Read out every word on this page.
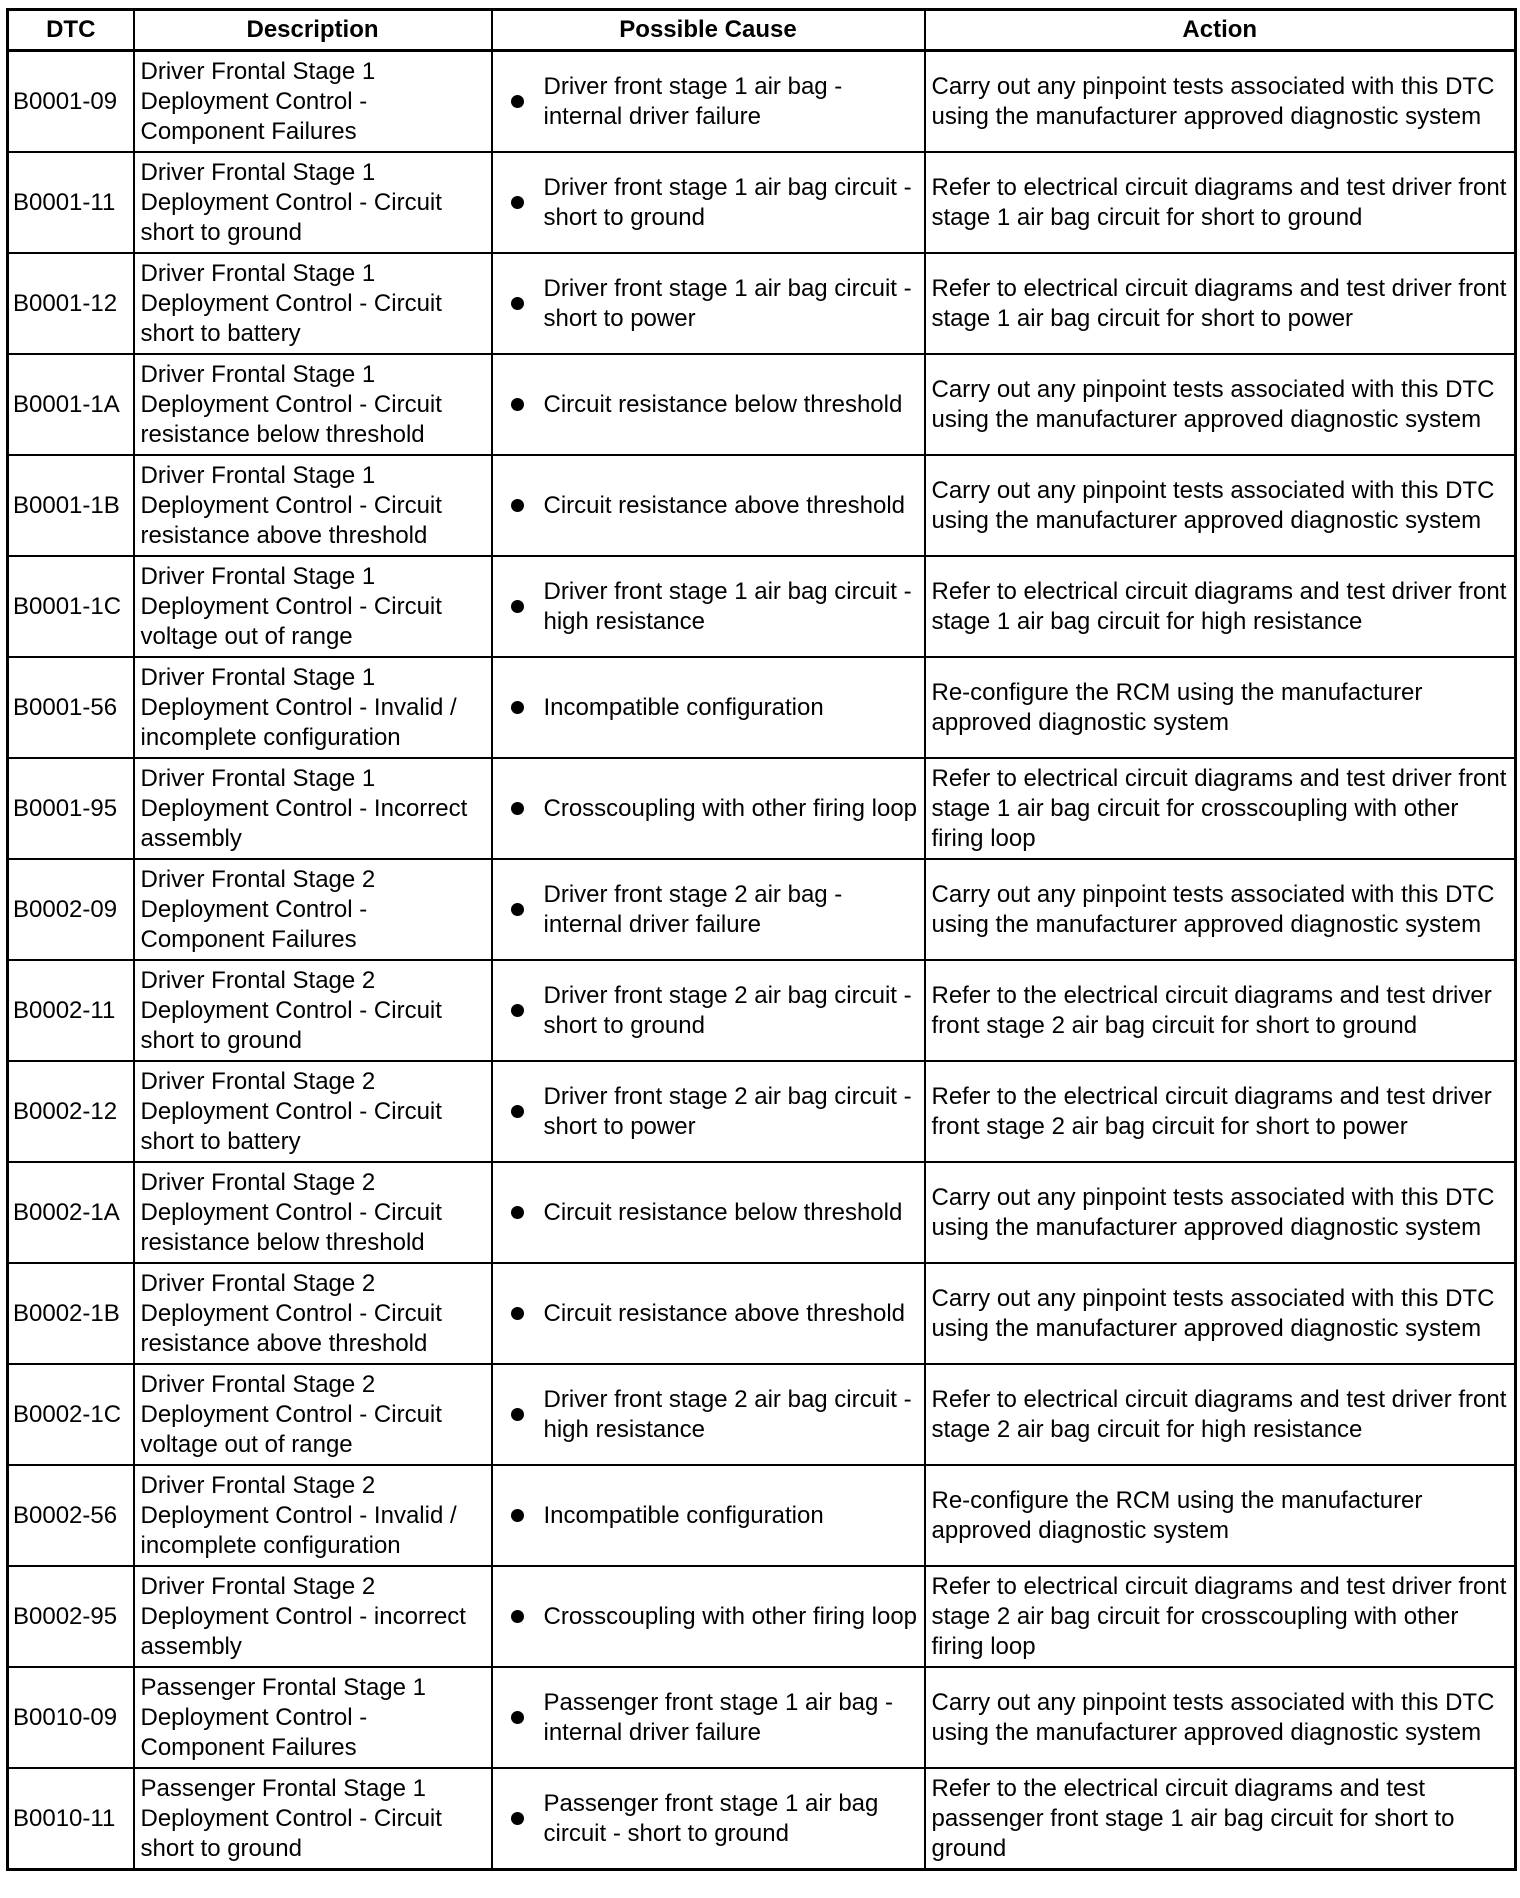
DTC	Description	Possible Cause	Action
B0001-09	Driver Frontal Stage 1 Deployment Control - Component Failures	Driver front stage 1 air bag - internal driver failure	Carry out any pinpoint tests associated with this DTC using the manufacturer approved diagnostic system
B0001-11	Driver Frontal Stage 1 Deployment Control - Circuit short to ground	Driver front stage 1 air bag circuit - short to ground	Refer to electrical circuit diagrams and test driver front stage 1 air bag circuit for short to ground
B0001-12	Driver Frontal Stage 1 Deployment Control - Circuit short to battery	Driver front stage 1 air bag circuit - short to power	Refer to electrical circuit diagrams and test driver front stage 1 air bag circuit for short to power
B0001-1A	Driver Frontal Stage 1 Deployment Control - Circuit resistance below threshold	Circuit resistance below threshold	Carry out any pinpoint tests associated with this DTC using the manufacturer approved diagnostic system
B0001-1B	Driver Frontal Stage 1 Deployment Control - Circuit resistance above threshold	Circuit resistance above threshold	Carry out any pinpoint tests associated with this DTC using the manufacturer approved diagnostic system
B0001-1C	Driver Frontal Stage 1 Deployment Control - Circuit voltage out of range	Driver front stage 1 air bag circuit - high resistance	Refer to electrical circuit diagrams and test driver front stage 1 air bag circuit for high resistance
B0001-56	Driver Frontal Stage 1 Deployment Control - Invalid / incomplete configuration	Incompatible configuration	Re-configure the RCM using the manufacturer approved diagnostic system
B0001-95	Driver Frontal Stage 1 Deployment Control - Incorrect assembly	Crosscoupling with other firing loop	Refer to electrical circuit diagrams and test driver front stage 1 air bag circuit for crosscoupling with other firing loop
B0002-09	Driver Frontal Stage 2 Deployment Control - Component Failures	Driver front stage 2 air bag - internal driver failure	Carry out any pinpoint tests associated with this DTC using the manufacturer approved diagnostic system
B0002-11	Driver Frontal Stage 2 Deployment Control - Circuit short to ground	Driver front stage 2 air bag circuit - short to ground	Refer to the electrical circuit diagrams and test driver front stage 2 air bag circuit for short to ground
B0002-12	Driver Frontal Stage 2 Deployment Control - Circuit short to battery	Driver front stage 2 air bag circuit - short to power	Refer to the electrical circuit diagrams and test driver front stage 2 air bag circuit for short to power
B0002-1A	Driver Frontal Stage 2 Deployment Control - Circuit resistance below threshold	Circuit resistance below threshold	Carry out any pinpoint tests associated with this DTC using the manufacturer approved diagnostic system
B0002-1B	Driver Frontal Stage 2 Deployment Control - Circuit resistance above threshold	Circuit resistance above threshold	Carry out any pinpoint tests associated with this DTC using the manufacturer approved diagnostic system
B0002-1C	Driver Frontal Stage 2 Deployment Control - Circuit voltage out of range	Driver front stage 2 air bag circuit - high resistance	Refer to electrical circuit diagrams and test driver front stage 2 air bag circuit for high resistance
B0002-56	Driver Frontal Stage 2 Deployment Control - Invalid / incomplete configuration	Incompatible configuration	Re-configure the RCM using the manufacturer approved diagnostic system
B0002-95	Driver Frontal Stage 2 Deployment Control - incorrect assembly	Crosscoupling with other firing loop	Refer to electrical circuit diagrams and test driver front stage 2 air bag circuit for crosscoupling with other firing loop
B0010-09	Passenger Frontal Stage 1 Deployment Control - Component Failures	Passenger front stage 1 air bag - internal driver failure	Carry out any pinpoint tests associated with this DTC using the manufacturer approved diagnostic system
B0010-11	Passenger Frontal Stage 1 Deployment Control - Circuit short to ground	Passenger front stage 1 air bag circuit - short to ground	Refer to the electrical circuit diagrams and test passenger front stage 1 air bag circuit for short to ground
